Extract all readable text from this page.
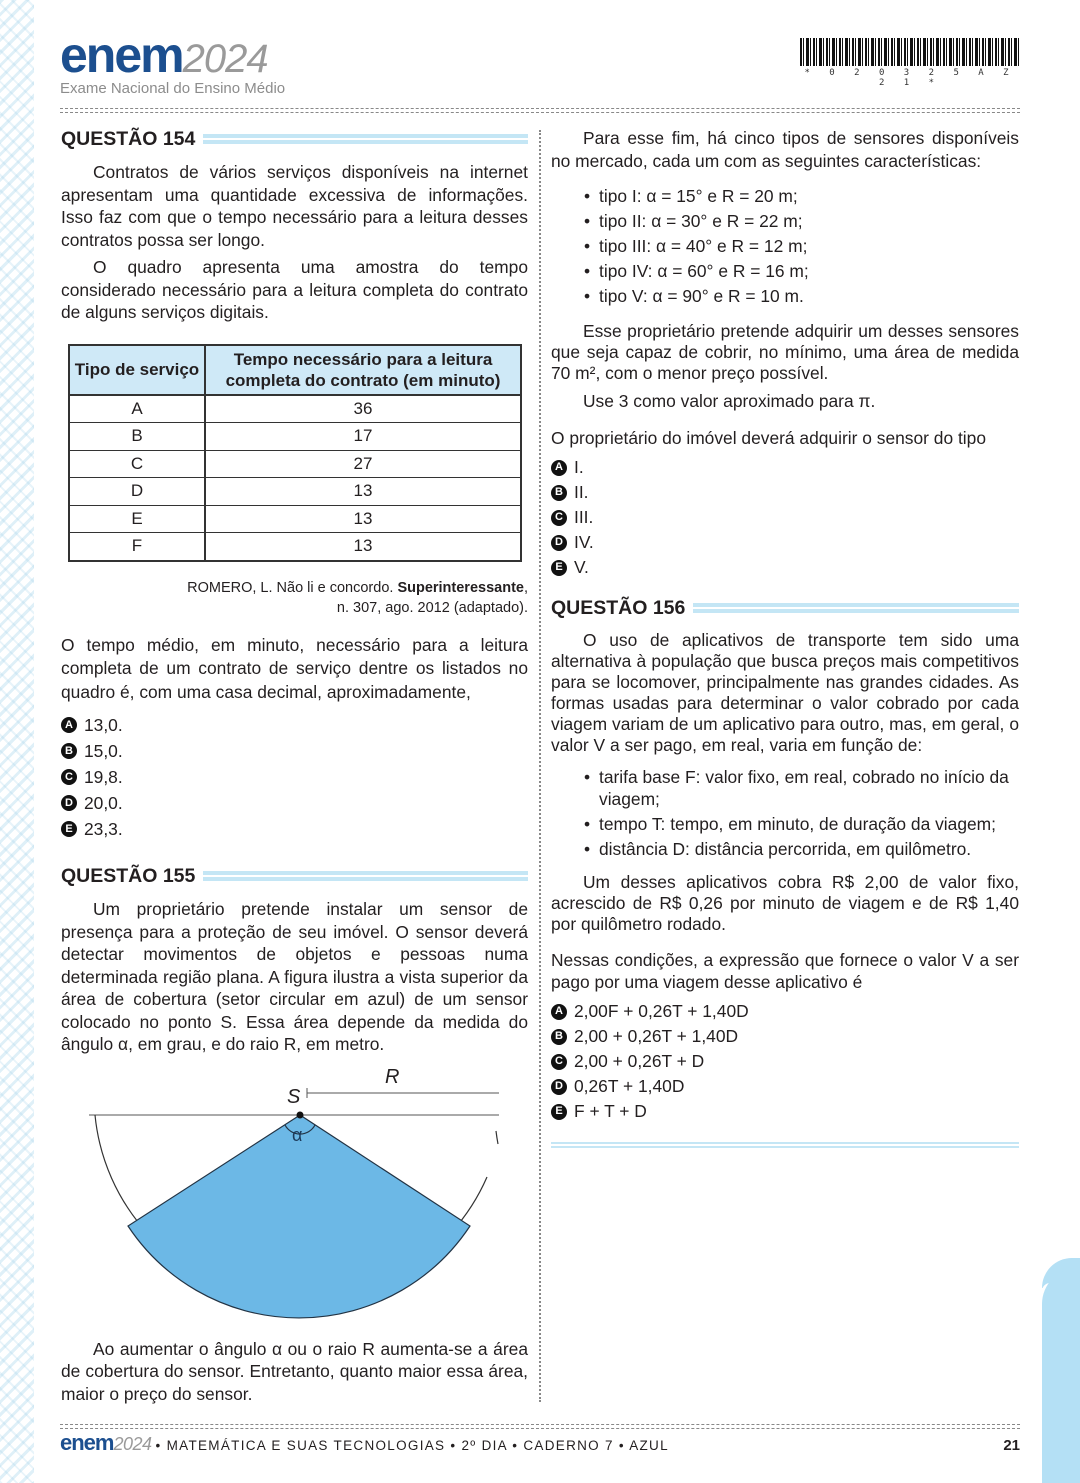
enem2024
Exame Nacional do Ensino Médio
* 0 2 0 3 2 5 A Z 2 1 *
QUESTÃO 154

Contratos de vários serviços disponíveis na internet apresentam uma quantidade excessiva de informações. Isso faz com que o tempo necessário para a leitura desses contratos possa ser longo.

O quadro apresenta uma amostra do tempo considerado necessário para a leitura completa do contrato de alguns serviços digitais.

Tipo de serviço	Tempo necessário para a leitura completa do contrato (em minuto)
A	36
B	17
C	27
D	13
E	13
F	13
ROMERO, L. Não li e concordo. Superinteressante,
n. 307, ago. 2012 (adaptado).

O tempo médio, em minuto, necessário para a leitura completa de um contrato de serviço dentre os listados no quadro é, com uma casa decimal, aproximadamente,

A 13,0.
B 15,0.
C 19,8.
D 20,0.
E 23,3.
QUESTÃO 155

Um proprietário pretende instalar um sensor de presença para a proteção de seu imóvel. O sensor deverá detectar movimentos de objetos e pessoas numa determinada região plana. A figura ilustra a vista superior da área de cobertura (setor circular em azul) de um sensor colocado no ponto S. Essa área depende da medida do ângulo α, em grau, e do raio R, em metro.

S
R
α

Ao aumentar o ângulo α ou o raio R aumenta-se a área de cobertura do sensor. Entretanto, quanto maior essa área, maior o preço do sensor.

Para esse fim, há cinco tipos de sensores disponíveis no mercado, cada um com as seguintes características:

• tipo I: α = 15° e R = 20 m;
• tipo II: α = 30° e R = 22 m;
• tipo III: α = 40° e R = 12 m;
• tipo IV: α = 60° e R = 16 m;
• tipo V: α = 90° e R = 10 m.

Esse proprietário pretende adquirir um desses sensores que seja capaz de cobrir, no mínimo, uma área de medida 70 m², com o menor preço possível.

Use 3 como valor aproximado para π.

O proprietário do imóvel deverá adquirir o sensor do tipo

A I.
B II.
C III.
D IV.
E V.
QUESTÃO 156

O uso de aplicativos de transporte tem sido uma alternativa à população que busca preços mais competitivos para se locomover, principalmente nas grandes cidades. As formas usadas para determinar o valor cobrado por cada viagem variam de um aplicativo para outro, mas, em geral, o valor V a ser pago, em real, varia em função de:

• tarifa base F: valor fixo, em real, cobrado no início da viagem;
• tempo T: tempo, em minuto, de duração da viagem;
• distância D: distância percorrida, em quilômetro.

Um desses aplicativos cobra R$ 2,00 de valor fixo, acrescido de R$ 0,26 por minuto de viagem e de R$ 1,40 por quilômetro rodado.

Nessas condições, a expressão que fornece o valor V a ser pago por uma viagem desse aplicativo é

A 2,00F + 0,26T + 1,40D
B 2,00 + 0,26T + 1,40D
C 2,00 + 0,26T + D
D 0,26T + 1,40D
E F + T + D
enem 2024 • MATEMÁTICA E SUAS TECNOLOGIAS • 2º DIA • CADERNO 7 • AZUL	21
